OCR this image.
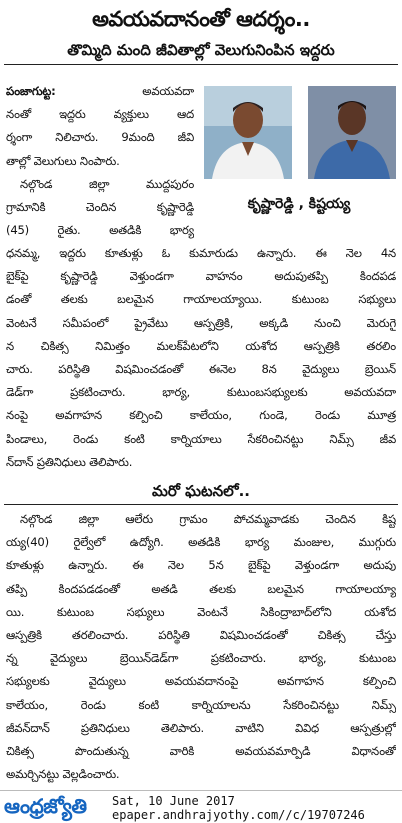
అవయవదానంతో ఆదర్శం..
తొమ్మిది మంది జీవితాల్లో వెలుగునింపిన ఇద్దరు
పంజాగుట్ట:	అవయవదా
నంతో ఇద్దరు వ్యక్తులు ఆద
ర్శంగా నిలిచారు. 9మంది జీవి
తాల్లో వెలుగులు నింపారు.
నల్గొండ జిల్లా ముద్దపురం
గ్రామానికి చెందిన కృష్ణారెడ్డి
(45) రైతు. అతడికి భార్య
కృష్ణారెడ్డి , కిష్టయ్య
ధనమ్మ, ఇద్దరు కూతుళ్లు ఓ కుమారుడు ఉన్నారు. ఈ నెల 4న
బైక్‌పై కృష్ణారెడ్డి వెళ్తుండగా వాహనం అదుపుతప్పి కిందపడ
డంతో తలకు బలమైన గాయాలయ్యాయి. కుటుంబ సభ్యులు
వెంటనే సమీపంలో ప్రైవేటు ఆస్పత్రికి, అక్కడి నుంచి మెరుగై
న చికిత్స నిమిత్తం మలక్‌పేటలోని యశోద ఆస్పత్రికి తరలిం
చారు. పరిస్థితి విషమించడంతో ఈనెల 8న వైద్యులు బ్రెయిన్
డెడ్‌గా ప్రకటించారు. భార్య, కుటుంబసభ్యులకు అవయవదా
నంపై అవగాహన కల్పించి కాలేయం, గుండె, రెండు మూత్ర
పిండాలు, రెండు కంటి కార్నియాలు సేకరించినట్టు నిమ్స్ జీవ
న్‌దాన్ ప్రతినిధులు తెలిపారు.
మరో ఘటనలో..
నల్గొండ జిల్లా ఆలేరు గ్రామం పోచమ్మవాడకు చెందిన కిష్ట
య్య(40) రైల్వేలో ఉద్యోగి. అతడికి భార్య మంజుల, ముగ్గురు
కూతుళ్లు ఉన్నారు. ఈ నెల 5న బైక్‌పై వెళ్తుండగా అదుపు
తప్పి కిందపడడంతో అతడి తలకు బలమైన గాయాలయ్యా
యి. కుటుంబ సభ్యులు వెంటనే సికింద్రాబాద్‌లోని యశోద
ఆస్పత్రికి తరలించారు. పరిస్థితి విషమించడంతో చికిత్స చేస్తు
న్న వైద్యులు బ్రెయిన్‌డెడ్‌గా ప్రకటించారు. భార్య, కుటుంబ
సభ్యులకు వైద్యులు అవయవదానంపై అవగాహన కల్పించి
కాలేయం, రెండు కంటి కార్నియాలను సేకరించినట్టు నిమ్స్
జీవన్‌దాన్ ప్రతినిధులు తెలిపారు. వాటిని వివిధ ఆస్పత్రుల్లో
చికిత్స పొందుతున్న వారికి అవయవమార్పిడి విధానంతో
అమర్చినట్టు వెల్లడించారు.
ఆంధ్రజ్యోతి Sat, 10 June 2017
epaper.andhrajyothy.com//c/19707246
